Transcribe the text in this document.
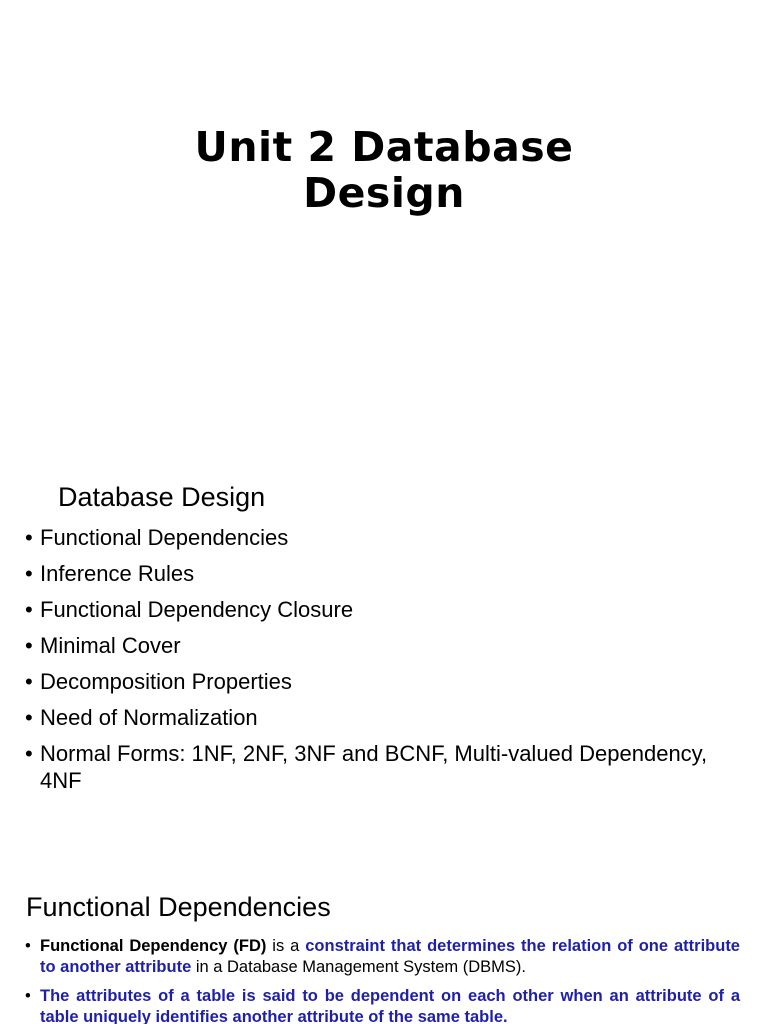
Unit 2 Database
Design
Database Design
• Functional Dependencies
• Inference Rules
• Functional Dependency Closure
• Minimal Cover
• Decomposition Properties
• Need of Normalization
• Normal Forms: 1NF, 2NF, 3NF and BCNF, Multi-valued Dependency, 4NF
Functional Dependencies
• Functional Dependency (FD) is a constraint that determines the relation of one attribute to another attribute in a Database Management System (DBMS).
• The attributes of a table is said to be dependent on each other when an attribute of a table uniquely identifies another attribute of the same table.
